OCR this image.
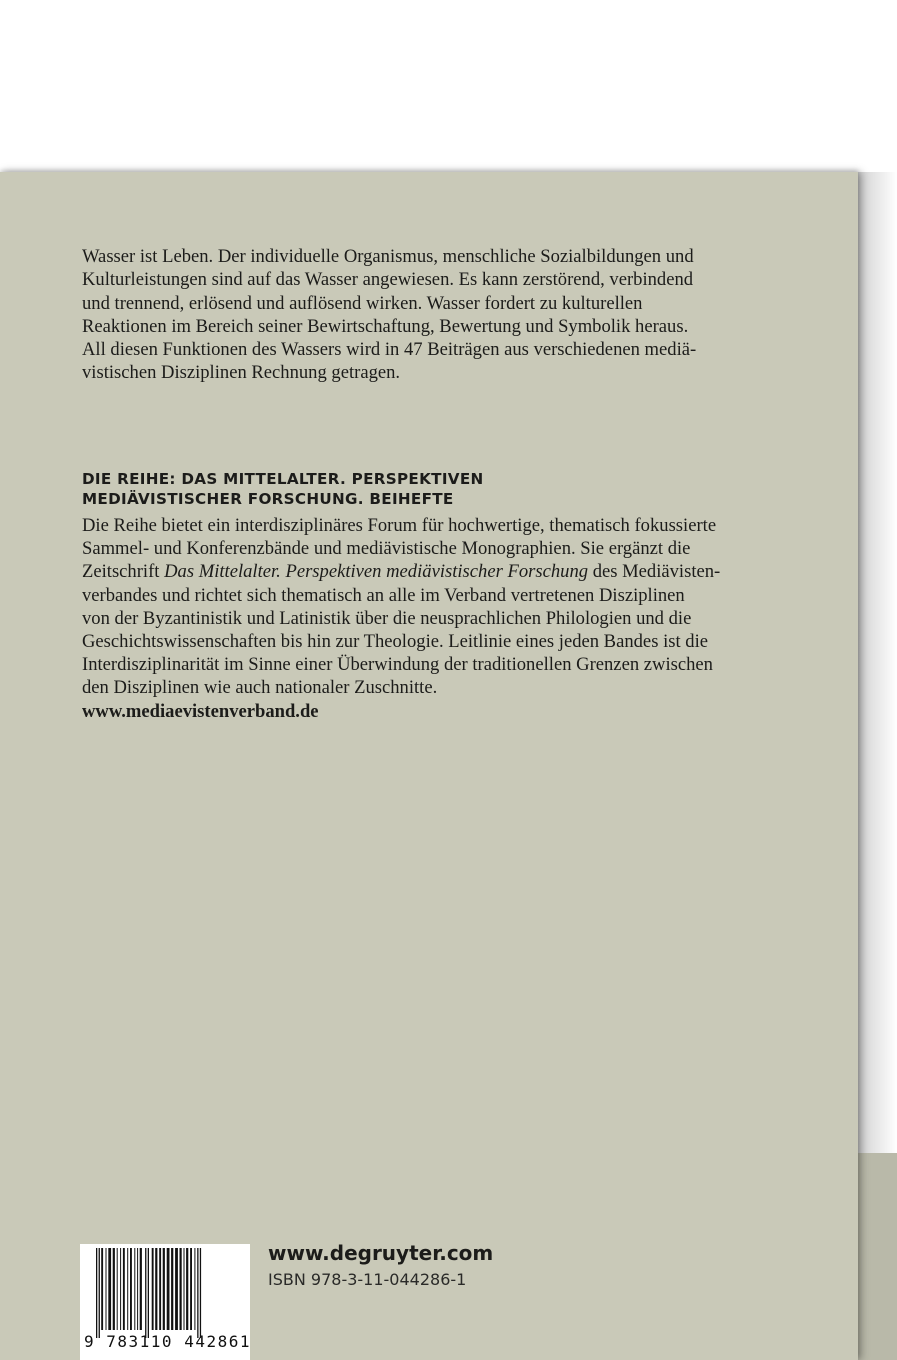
Wasser ist Leben. Der individuelle Organismus, menschliche Sozialbildungen und
Kulturleistungen sind auf das Wasser angewiesen. Es kann zerstörend, verbindend
und trennend, erlösend und auflösend wirken. Wasser fordert zu kulturellen
Reaktionen im Bereich seiner Bewirtschaftung, Bewertung und Symbolik heraus.
All diesen Funktionen des Wassers wird in 47 Beiträgen aus verschiedenen mediä-
vistischen Disziplinen Rechnung getragen.

DIE REIHE: DAS MITTELALTER. PERSPEKTIVEN
MEDIÄVISTISCHER FORSCHUNG. BEIHEFTE

Die Reihe bietet ein interdisziplinäres Forum für hochwertige, thematisch fokussierte
Sammel- und Konferenzbände und mediävistische Monographien. Sie ergänzt die
Zeitschrift Das Mittelalter. Perspektiven mediävistischer Forschung des Mediävisten-
verbandes und richtet sich thematisch an alle im Verband vertretenen Disziplinen
von der Byzantinistik und Latinistik über die neusprachlichen Philologien und die
Geschichtswissenschaften bis hin zur Theologie. Leitlinie eines jeden Bandes ist die
Interdisziplinarität im Sinne einer Überwindung der traditionellen Grenzen zwischen
den Disziplinen wie auch nationaler Zuschnitte.

www.mediaevistenverband.de

9 783110 442861

www.degruyter.com

ISBN 978-3-11-044286-1
